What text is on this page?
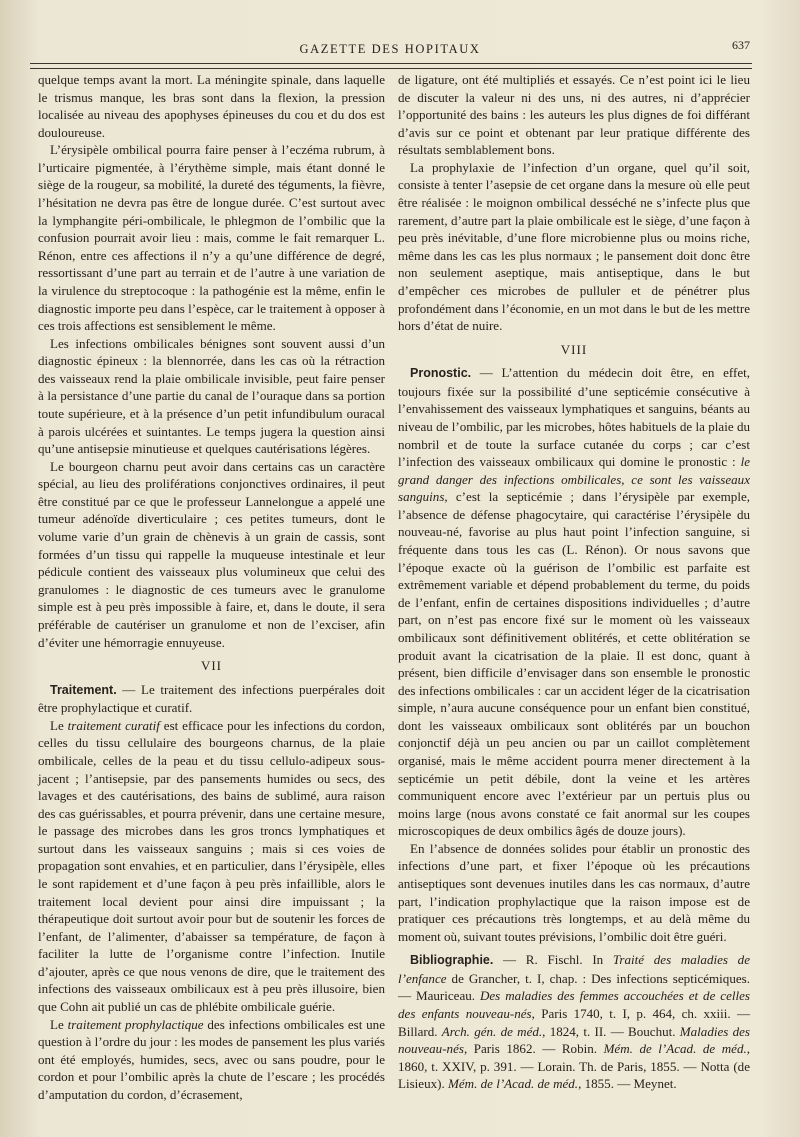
GAZETTE DES HOPITAUX	637

quelque temps avant la mort. La méningite spinale, dans laquelle le trismus manque, les bras sont dans la flexion, la pression localisée au niveau des apophyses épineuses du cou et du dos est douloureuse.

L’érysipèle ombilical pourra faire penser à l’eczéma rubrum, à l’urticaire pigmentée, à l’érythème simple, mais étant donné le siège de la rougeur, sa mobilité, la dureté des téguments, la fièvre, l’hésitation ne devra pas être de longue durée. C’est surtout avec la lymphangite péri-ombilicale, le phlegmon de l’ombilic que la confusion pourrait avoir lieu : mais, comme le fait remarquer L. Rénon, entre ces affections il n’y a qu’une différence de degré, ressortissant d’une part au terrain et de l’autre à une variation de la virulence du streptocoque : la pathogénie est la même, enfin le diagnostic importe peu dans l’espèce, car le traitement à opposer à ces trois affections est sensiblement le même.

Les infections ombilicales bénignes sont souvent aussi d’un diagnostic épineux : la blennorrée, dans les cas où la rétraction des vaisseaux rend la plaie ombilicale invisible, peut faire penser à la persistance d’une partie du canal de l’ouraque dans sa portion toute supérieure, et à la présence d’un petit infundibulum ouracal à parois ulcérées et suintantes. Le temps jugera la question ainsi qu’une antisepsie minutieuse et quelques cautérisations légères.

Le bourgeon charnu peut avoir dans certains cas un caractère spécial, au lieu des proliférations conjonctives ordinaires, il peut être constitué par ce que le professeur Lannelongue a appelé une tumeur adénoïde diverticulaire ; ces petites tumeurs, dont le volume varie d’un grain de chènevis à un grain de cassis, sont formées d’un tissu qui rappelle la muqueuse intestinale et leur pédicule contient des vaisseaux plus volumineux que celui des granulomes : le diagnostic de ces tumeurs avec le granulome simple est à peu près impossible à faire, et, dans le doute, il sera préférable de cautériser un granulome et non de l’exciser, afin d’éviter une hémorragie ennuyeuse.

VII

Traitement. — Le traitement des infections puerpérales doit être prophylactique et curatif.

Le traitement curatif est efficace pour les infections du cordon, celles du tissu cellulaire des bourgeons charnus, de la plaie ombilicale, celles de la peau et du tissu cellulo-adipeux sous-jacent ; l’antisepsie, par des pansements humides ou secs, des lavages et des cautérisations, des bains de sublimé, aura raison des cas guérissables, et pourra prévenir, dans une certaine mesure, le passage des microbes dans les gros troncs lymphatiques et surtout dans les vaisseaux sanguins ; mais si ces voies de propagation sont envahies, et en particulier, dans l’érysipèle, elles le sont rapidement et d’une façon à peu près infaillible, alors le traitement local devient pour ainsi dire impuissant ; la thérapeutique doit surtout avoir pour but de soutenir les forces de l’enfant, de l’alimenter, d’abaisser sa température, de façon à faciliter la lutte de l’organisme contre l’infection. Inutile d’ajouter, après ce que nous venons de dire, que le traitement des infections des vaisseaux ombilicaux est à peu près illusoire, bien que Cohn ait publié un cas de phlébite ombilicale guérie.

Le traitement prophylactique des infections ombilicales est une question à l’ordre du jour : les modes de pansement les plus variés ont été employés, humides, secs, avec ou sans poudre, pour le cordon et pour l’ombilic après la chute de l’escare ; les procédés d’amputation du cordon, d’écrasement,

de ligature, ont été multipliés et essayés. Ce n’est point ici le lieu de discuter la valeur ni des uns, ni des autres, ni d’apprécier l’opportunité des bains : les auteurs les plus dignes de foi différant d’avis sur ce point et obtenant par leur pratique différente des résultats semblablement bons.

La prophylaxie de l’infection d’un organe, quel qu’il soit, consiste à tenter l’asepsie de cet organe dans la mesure où elle peut être réalisée : le moignon ombilical desséché ne s’infecte plus que rarement, d’autre part la plaie ombilicale est le siège, d’une façon à peu près inévitable, d’une flore microbienne plus ou moins riche, même dans les cas les plus normaux ; le pansement doit donc être non seulement aseptique, mais antiseptique, dans le but d’empêcher ces microbes de pulluler et de pénétrer plus profondément dans l’économie, en un mot dans le but de les mettre hors d’état de nuire.

VIII

Pronostic. — L’attention du médecin doit être, en effet, toujours fixée sur la possibilité d’une septicémie consécutive à l’envahissement des vaisseaux lymphatiques et sanguins, béants au niveau de l’ombilic, par les microbes, hôtes habituels de la plaie du nombril et de toute la surface cutanée du corps ; car c’est l’infection des vaisseaux ombilicaux qui domine le pronostic : le grand danger des infections ombilicales, ce sont les vaisseaux sanguins, c’est la septicémie ; dans l’érysipèle par exemple, l’absence de défense phagocytaire, qui caractérise l’érysipèle du nouveau-né, favorise au plus haut point l’infection sanguine, si fréquente dans tous les cas (L. Rénon). Or nous savons que l’époque exacte où la guérison de l’ombilic est parfaite est extrêmement variable et dépend probablement du terme, du poids de l’enfant, enfin de certaines dispositions individuelles ; d’autre part, on n’est pas encore fixé sur le moment où les vaisseaux ombilicaux sont définitivement oblitérés, et cette oblitération se produit avant la cicatrisation de la plaie. Il est donc, quant à présent, bien difficile d’envisager dans son ensemble le pronostic des infections ombilicales : car un accident léger de la cicatrisation simple, n’aura aucune conséquence pour un enfant bien constitué, dont les vaisseaux ombilicaux sont oblitérés par un bouchon conjonctif déjà un peu ancien ou par un caillot complètement organisé, mais le même accident pourra mener directement à la septicémie un petit débile, dont la veine et les artères communiquent encore avec l’extérieur par un pertuis plus ou moins large (nous avons constaté ce fait anormal sur les coupes microscopiques de deux ombilics âgés de douze jours).

En l’absence de données solides pour établir un pronostic des infections d’une part, et fixer l’époque où les précautions antiseptiques sont devenues inutiles dans les cas normaux, d’autre part, l’indication prophylactique que la raison impose est de pratiquer ces précautions très longtemps, et au delà même du moment où, suivant toutes prévisions, l’ombilic doit être guéri.

Bibliographie. — R. Fischl. In Traité des maladies de l’enfance de Grancher, t. I, chap. : Des infections septicémiques. — Mauriceau. Des maladies des femmes accouchées et de celles des enfants nouveau-nés, Paris 1740, t. I, p. 464, ch. xxiii. — Billard. Arch. gén. de méd., 1824, t. II. — Bouchut. Maladies des nouveau-nés, Paris 1862. — Robin. Mém. de l’Acad. de méd., 1860, t. XXIV, p. 391. — Lorain. Th. de Paris, 1855. — Notta (de Lisieux). Mém. de l’Acad. de méd., 1855. — Meynet.
